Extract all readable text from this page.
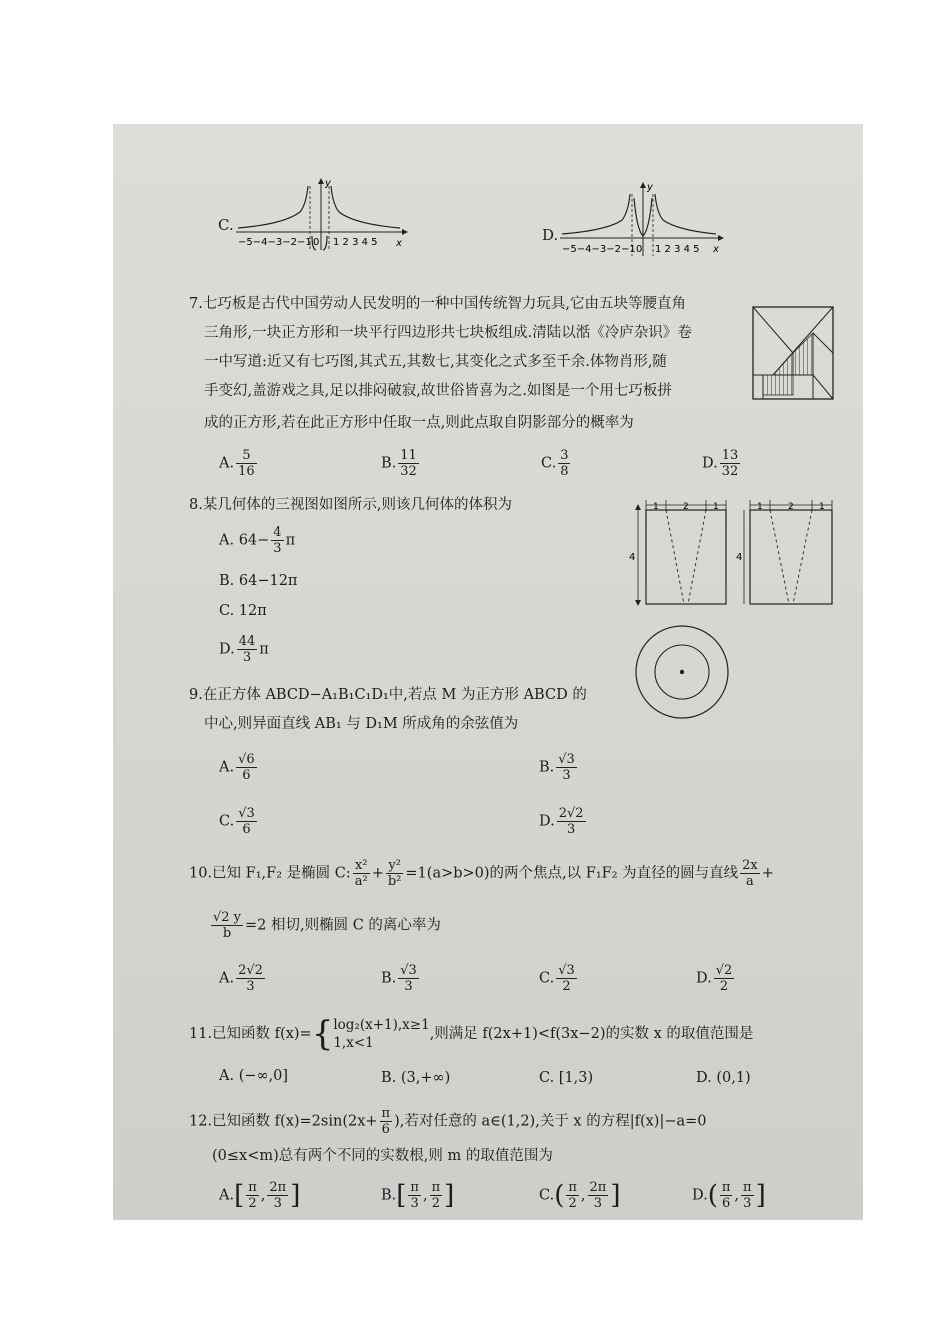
C.
−5−4−3−2−1 0 1 2 3 4 5 x
y
D.
−5−4−3−2−1 0 1 2 3 4 5 x
y
7.七巧板是古代中国劳动人民发明的一种中国传统智力玩具,它由五块等腰直角
三角形,一块正方形和一块平行四边形共七块板组成.清陆以湉《冷庐杂识》卷
一中写道:近又有七巧图,其式五,其数七,其变化之式多至千余.体物肖形,随
手变幻,盖游戏之具,足以排闷破寂,故世俗皆喜为之.如图是一个用七巧板拼
成的正方形,若在此正方形中任取一点,则此点取自阴影部分的概率为
A. $\frac{5}{16}$	B. $\frac{11}{32}$	C. $\frac{3}{8}$	D. $\frac{13}{32}$
8.某几何体的三视图如图所示,则该几何体的体积为
A. $64- \frac{4}{3}$ π
B. 64−12π
C. 12π
D. $\frac{44}{3}$ π
4
1	2	1
4
1	2	1
9.在正方体 ABCD−A₁B₁C₁D₁中,若点 M 为正方形 ABCD 的
中心,则异面直线 AB₁ 与 D₁M 所成角的余弦值为
A. $\frac{√6}{6}$	B. $\frac{√3}{3}$
C. $\frac{√3}{6}$	D. $\frac{2√2}{3}$
10.已知 F₁,F₂ 是椭圆 C: $\frac{\text{x²}}{\text{a²}} + \frac{\text{y²}}{\text{b²}} =1(a>b>0)$的两个焦点,以 F₁F₂ 为直径的圆与直线 $\frac{2x}{a}$ +
$\frac{√2 y}{b} =2$ 相切,则椭圆 C 的离心率为
A. $\frac{2√2}{3}$	B. $\frac{√3}{3}$	C. $\frac{√3}{2}$	D. $\frac{√2}{2}$
11.已知函数 f(x)={ log₂(x+1),x≥1
1,x<1
,则满足 f(2x+1)<f(3x−2)的实数 x 的取值范围是
A. (−∞,0]	B. (3,+∞)	C. [1,3)	D. (0,1)
12.已知函数 $f(x)=2\sin(2x+ \frac{\pi}{6}$ ),若对任意的 a∈(1,2),关于 x 的方程|f(x)|−a=0
(0≤x<m)总有两个不同的实数根,则 m 的取值范围为
$A.[ \frac{\pi}{2}$ , $\frac{2\pi}{3}$ ]	$B.[ \frac{\pi}{3}$ , $\frac{\pi}{2}$ ]	$C.( \frac{\pi}{2}$ , $\frac{2\pi}{3}$ ]	$D.( \frac{\pi}{6}$ , $\frac{\pi}{3}$ ]
